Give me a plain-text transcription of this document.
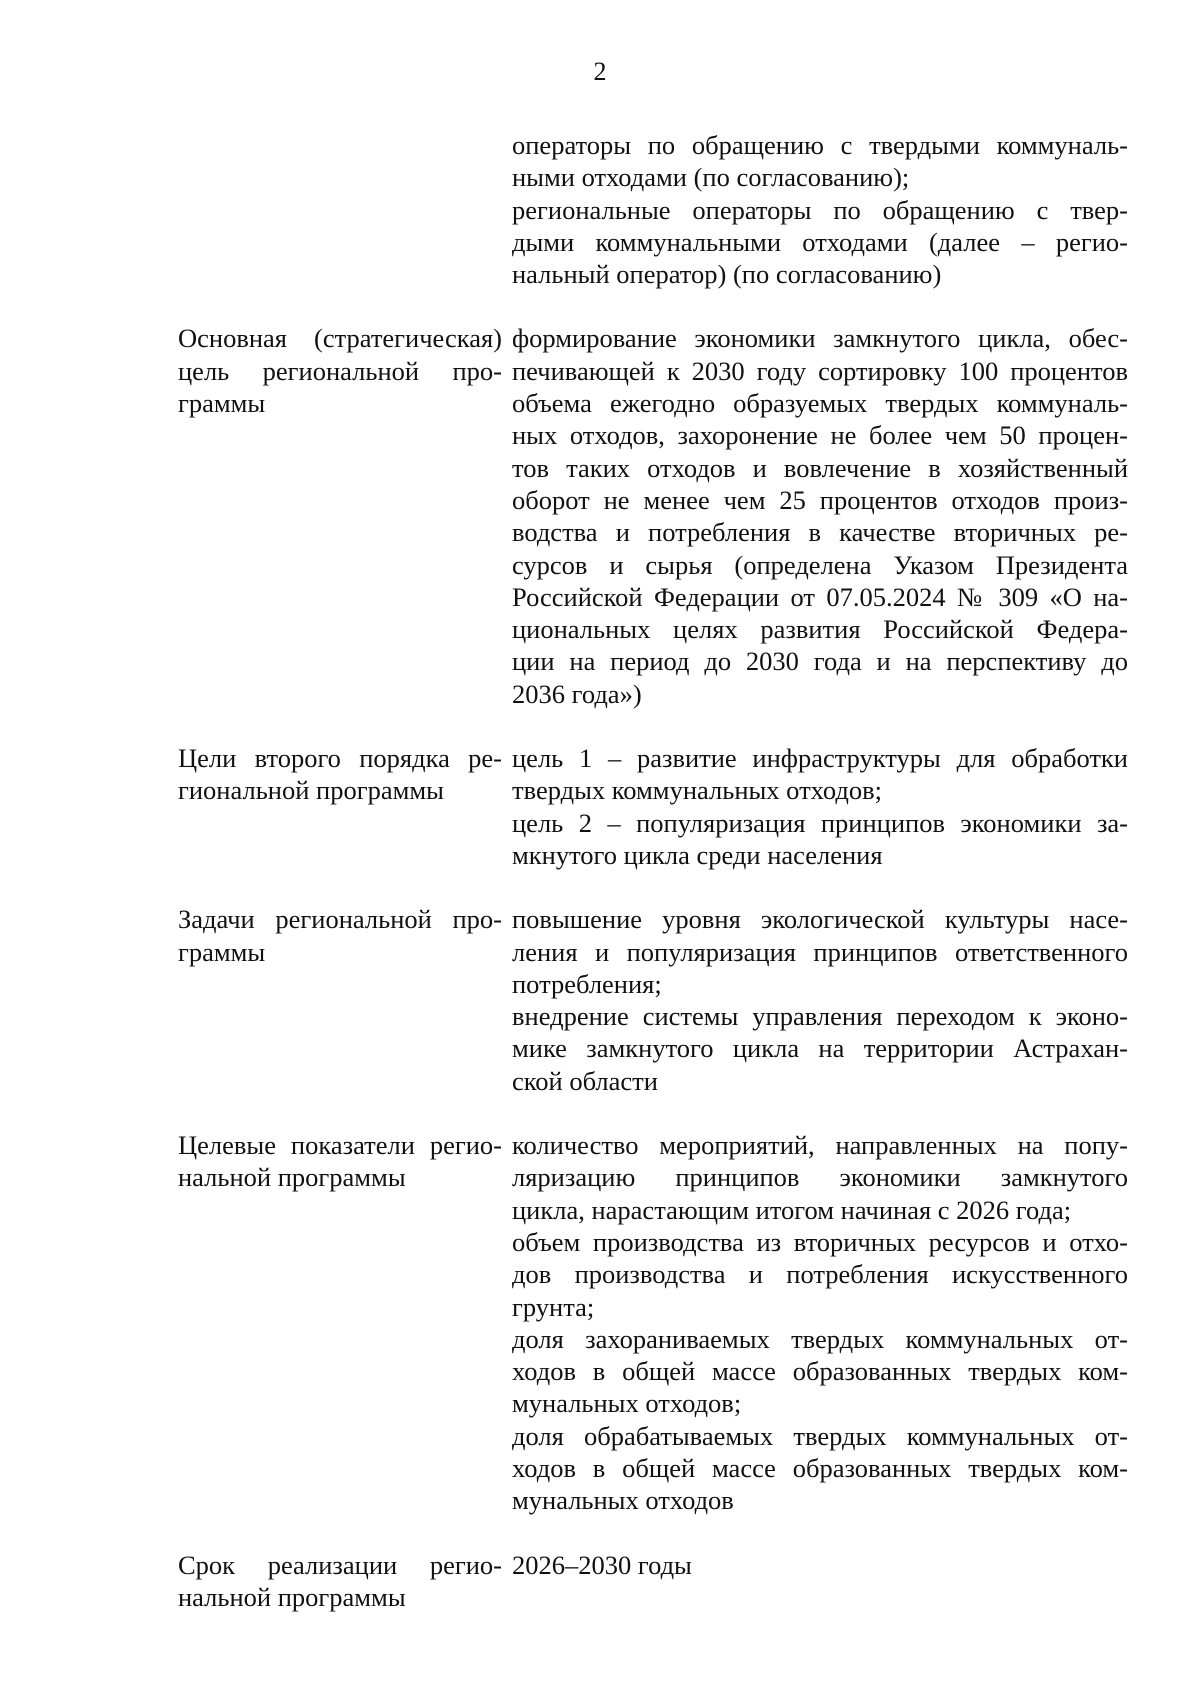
2
операторы по обращению с твердыми коммуналь-
ными отходами (по согласованию);
региональные операторы по обращению с твер-
дыми коммунальными отходами (далее – регио-
нальный оператор) (по согласованию)
Основная (стратегическая)
цель региональной про-
граммы
формирование экономики замкнутого цикла, обес-
печивающей к 2030 году сортировку 100 процентов
объема ежегодно образуемых твердых коммуналь-
ных отходов, захоронение не более чем 50 процен-
тов таких отходов и вовлечение в хозяйственный
оборот не менее чем 25 процентов отходов произ-
водства и потребления в качестве вторичных ре-
сурсов и сырья (определена Указом Президента
Российской Федерации от 07.05.2024 № 309 «О на-
циональных целях развития Российской Федера-
ции на период до 2030 года и на перспективу до
2036 года»)
Цели второго порядка ре-
гиональной программы
цель 1 – развитие инфраструктуры для обработки
твердых коммунальных отходов;
цель 2 – популяризация принципов экономики за-
мкнутого цикла среди населения
Задачи региональной про-
граммы
повышение уровня экологической культуры насе-
ления и популяризация принципов ответственного
потребления;
внедрение системы управления переходом к эконо-
мике замкнутого цикла на территории Астрахан-
ской области
Целевые показатели регио-
нальной программы
количество мероприятий, направленных на попу-
ляризацию принципов экономики замкнутого
цикла, нарастающим итогом начиная с 2026 года;
объем производства из вторичных ресурсов и отхо-
дов производства и потребления искусственного
грунта;
доля захораниваемых твердых коммунальных от-
ходов в общей массе образованных твердых ком-
мунальных отходов;
доля обрабатываемых твердых коммунальных от-
ходов в общей массе образованных твердых ком-
мунальных отходов
Срок реализации регио-
нальной программы
2026–2030 годы
